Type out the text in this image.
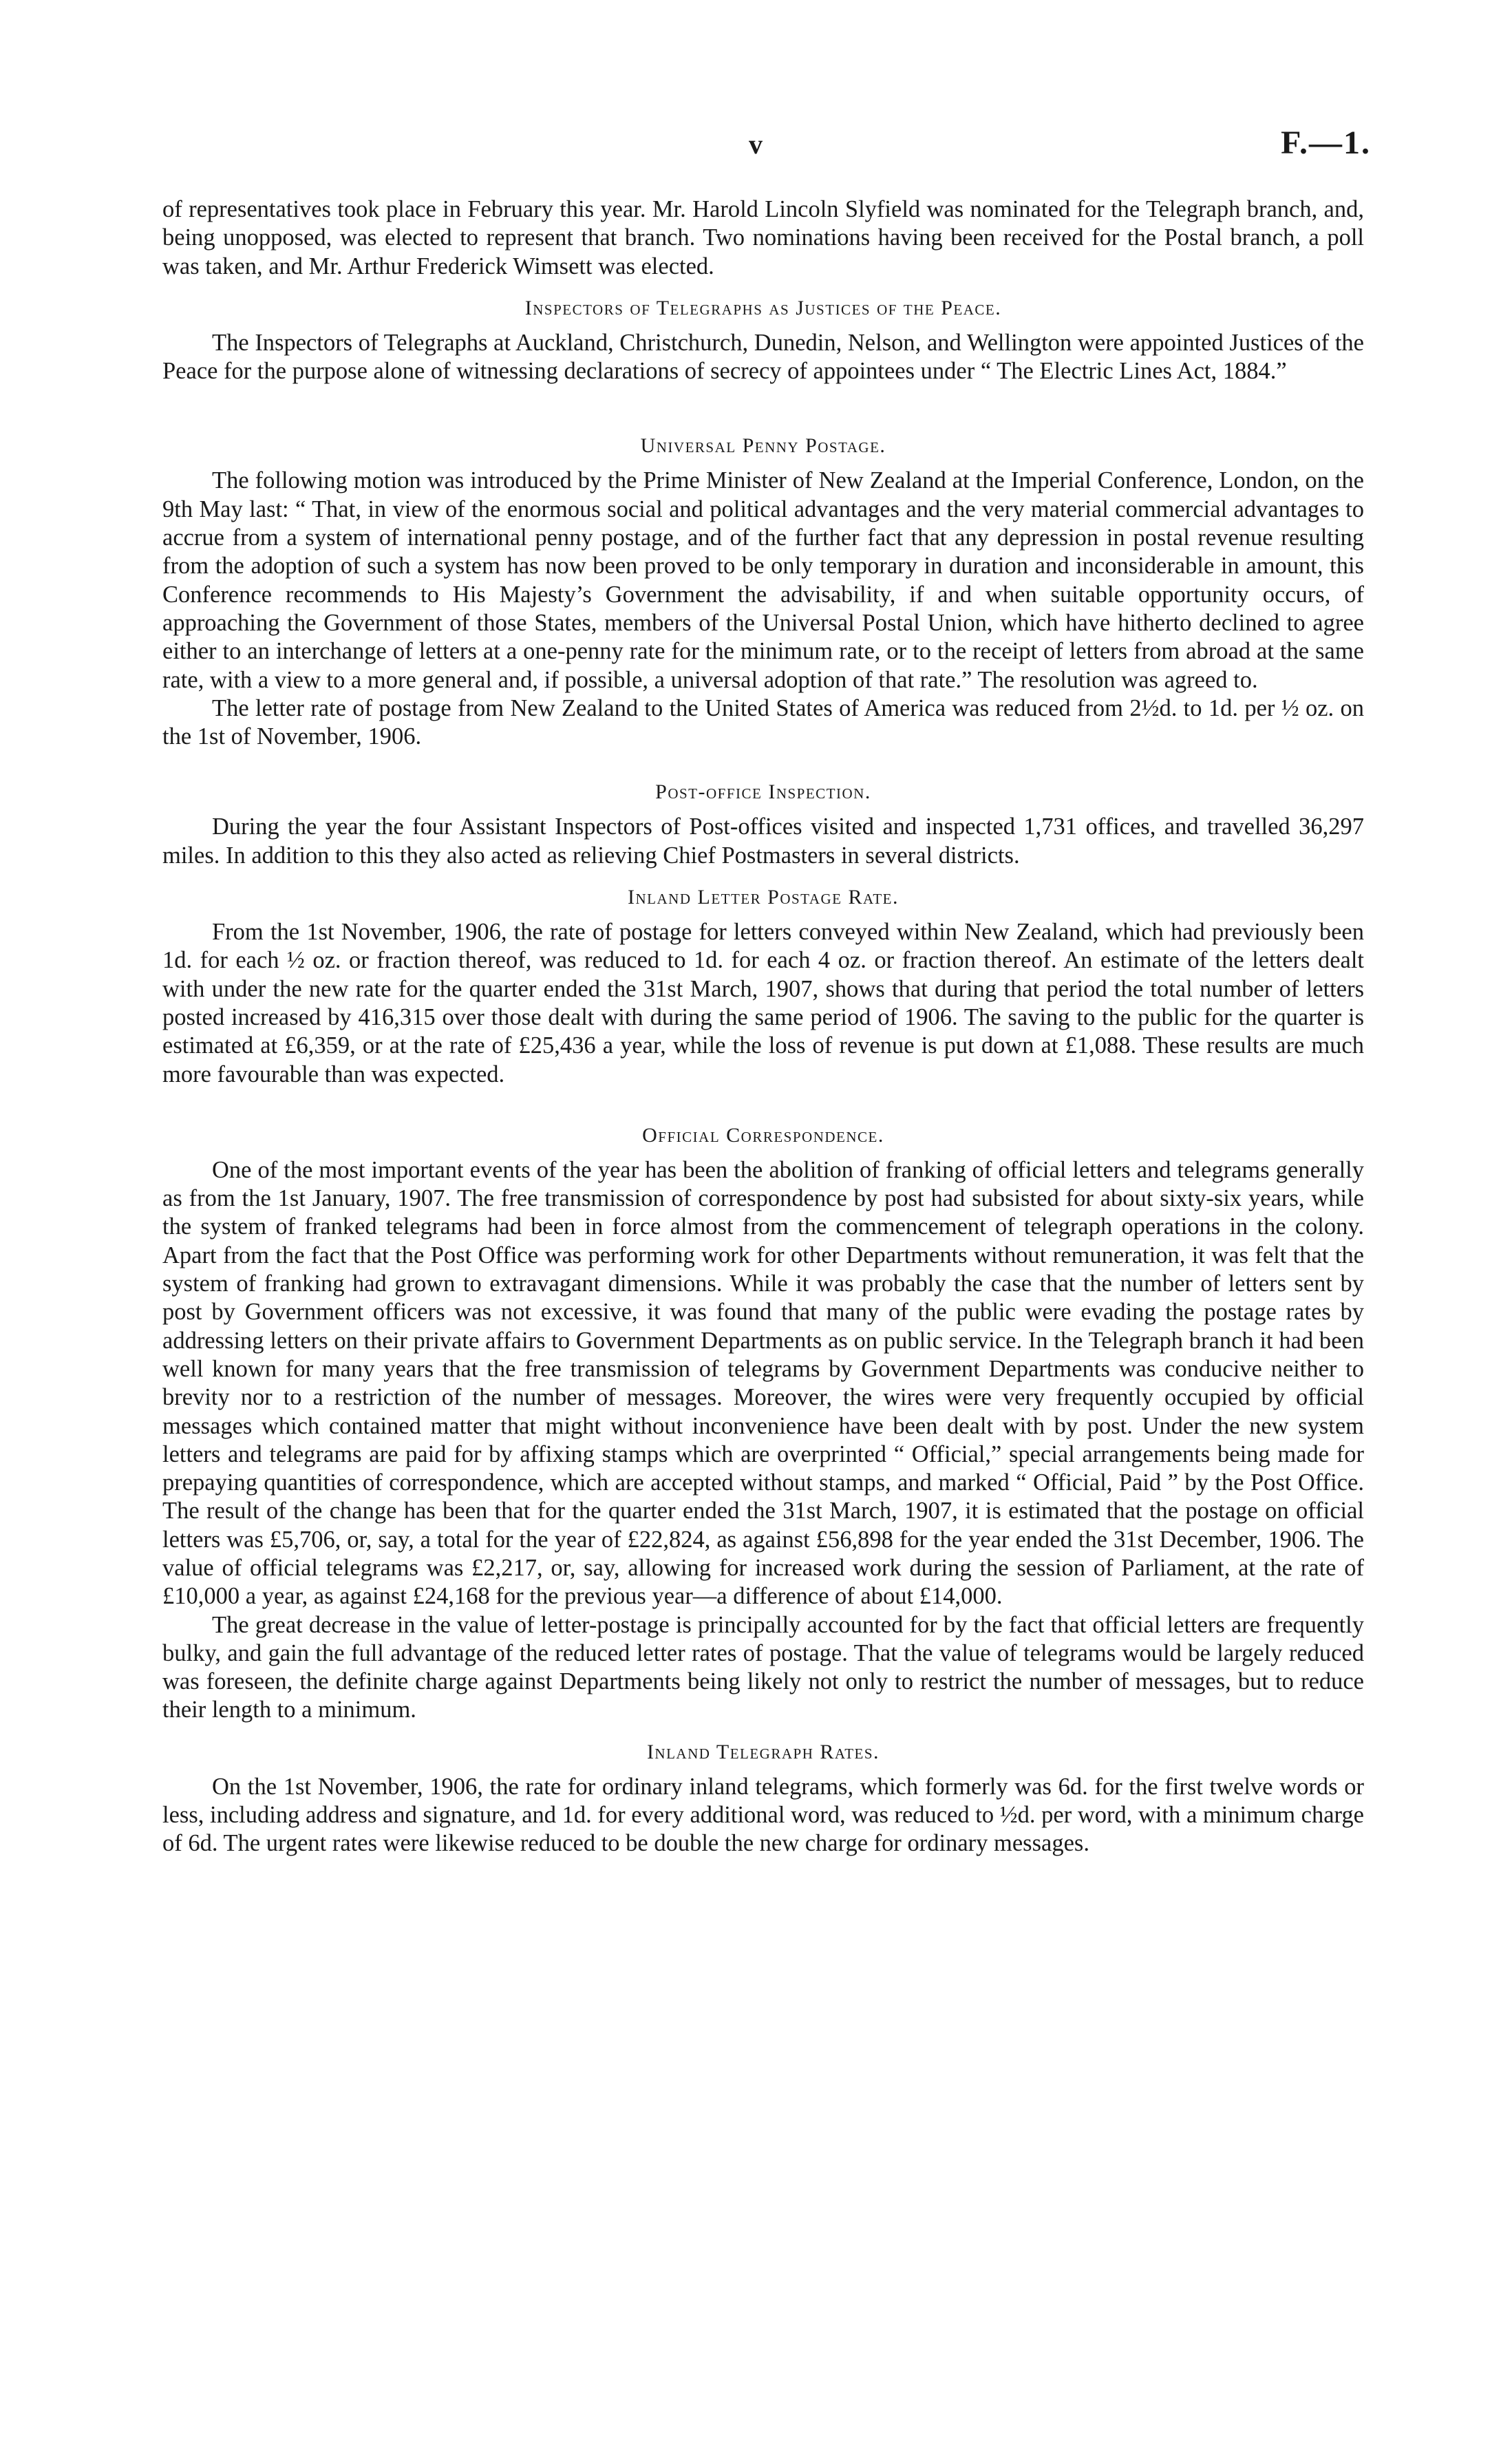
v	F.—1.

of representatives took place in February this year. Mr. Harold Lincoln Slyfield was nominated for the Telegraph branch, and, being unopposed, was elected to represent that branch. Two nominations having been received for the Postal branch, a poll was taken, and Mr. Arthur Frederick Wimsett was elected.

Inspectors of Telegraphs as Justices of the Peace.

The Inspectors of Telegraphs at Auckland, Christchurch, Dunedin, Nelson, and Wellington were appointed Justices of the Peace for the purpose alone of witnessing declarations of secrecy of appointees under “ The Electric Lines Act, 1884.”

Universal Penny Postage.

The following motion was introduced by the Prime Minister of New Zealand at the Imperial Conference, London, on the 9th May last: “ That, in view of the enormous social and political advantages and the very material commercial advantages to accrue from a system of international penny postage, and of the further fact that any depression in postal revenue resulting from the adoption of such a system has now been proved to be only temporary in duration and inconsiderable in amount, this Conference recommends to His Majesty’s Government the advisability, if and when suitable opportunity occurs, of approaching the Government of those States, members of the Universal Postal Union, which have hitherto declined to agree either to an interchange of letters at a one-penny rate for the minimum rate, or to the receipt of letters from abroad at the same rate, with a view to a more general and, if possible, a universal adoption of that rate.” The resolution was agreed to.

The letter rate of postage from New Zealand to the United States of America was reduced from 2½d. to 1d. per ½ oz. on the 1st of November, 1906.

Post-office Inspection.

During the year the four Assistant Inspectors of Post-offices visited and inspected 1,731 offices, and travelled 36,297 miles. In addition to this they also acted as relieving Chief Postmasters in several districts.

Inland Letter Postage Rate.

From the 1st November, 1906, the rate of postage for letters conveyed within New Zealand, which had previously been 1d. for each ½ oz. or fraction thereof, was reduced to 1d. for each 4 oz. or fraction thereof. An estimate of the letters dealt with under the new rate for the quarter ended the 31st March, 1907, shows that during that period the total number of letters posted increased by 416,315 over those dealt with during the same period of 1906. The saving to the public for the quarter is estimated at £6,359, or at the rate of £25,436 a year, while the loss of revenue is put down at £1,088. These results are much more favourable than was expected.

Official Correspondence.

One of the most important events of the year has been the abolition of franking of official letters and telegrams generally as from the 1st January, 1907. The free transmission of correspondence by post had subsisted for about sixty-six years, while the system of franked telegrams had been in force almost from the commencement of telegraph operations in the colony. Apart from the fact that the Post Office was performing work for other Departments without remuneration, it was felt that the system of franking had grown to extravagant dimensions. While it was probably the case that the number of letters sent by post by Government officers was not excessive, it was found that many of the public were evading the postage rates by addressing letters on their private affairs to Government Departments as on public service. In the Telegraph branch it had been well known for many years that the free transmission of telegrams by Government Departments was conducive neither to brevity nor to a restriction of the number of messages. Moreover, the wires were very frequently occupied by official messages which contained matter that might without inconvenience have been dealt with by post. Under the new system letters and telegrams are paid for by affixing stamps which are overprinted “ Official,” special arrangements being made for prepaying quantities of correspondence, which are accepted without stamps, and marked “ Official, Paid ” by the Post Office. The result of the change has been that for the quarter ended the 31st March, 1907, it is estimated that the postage on official letters was £5,706, or, say, a total for the year of £22,824, as against £56,898 for the year ended the 31st December, 1906. The value of official telegrams was £2,217, or, say, allowing for increased work during the session of Parliament, at the rate of £10,000 a year, as against £24,168 for the previous year—a difference of about £14,000.

The great decrease in the value of letter-postage is principally accounted for by the fact that official letters are frequently bulky, and gain the full advantage of the reduced letter rates of postage. That the value of telegrams would be largely reduced was foreseen, the definite charge against Departments being likely not only to restrict the number of messages, but to reduce their length to a minimum.

Inland Telegraph Rates.

On the 1st November, 1906, the rate for ordinary inland telegrams, which formerly was 6d. for the first twelve words or less, including address and signature, and 1d. for every additional word, was reduced to ½d. per word, with a minimum charge of 6d. The urgent rates were likewise reduced to be double the new charge for ordinary messages.
